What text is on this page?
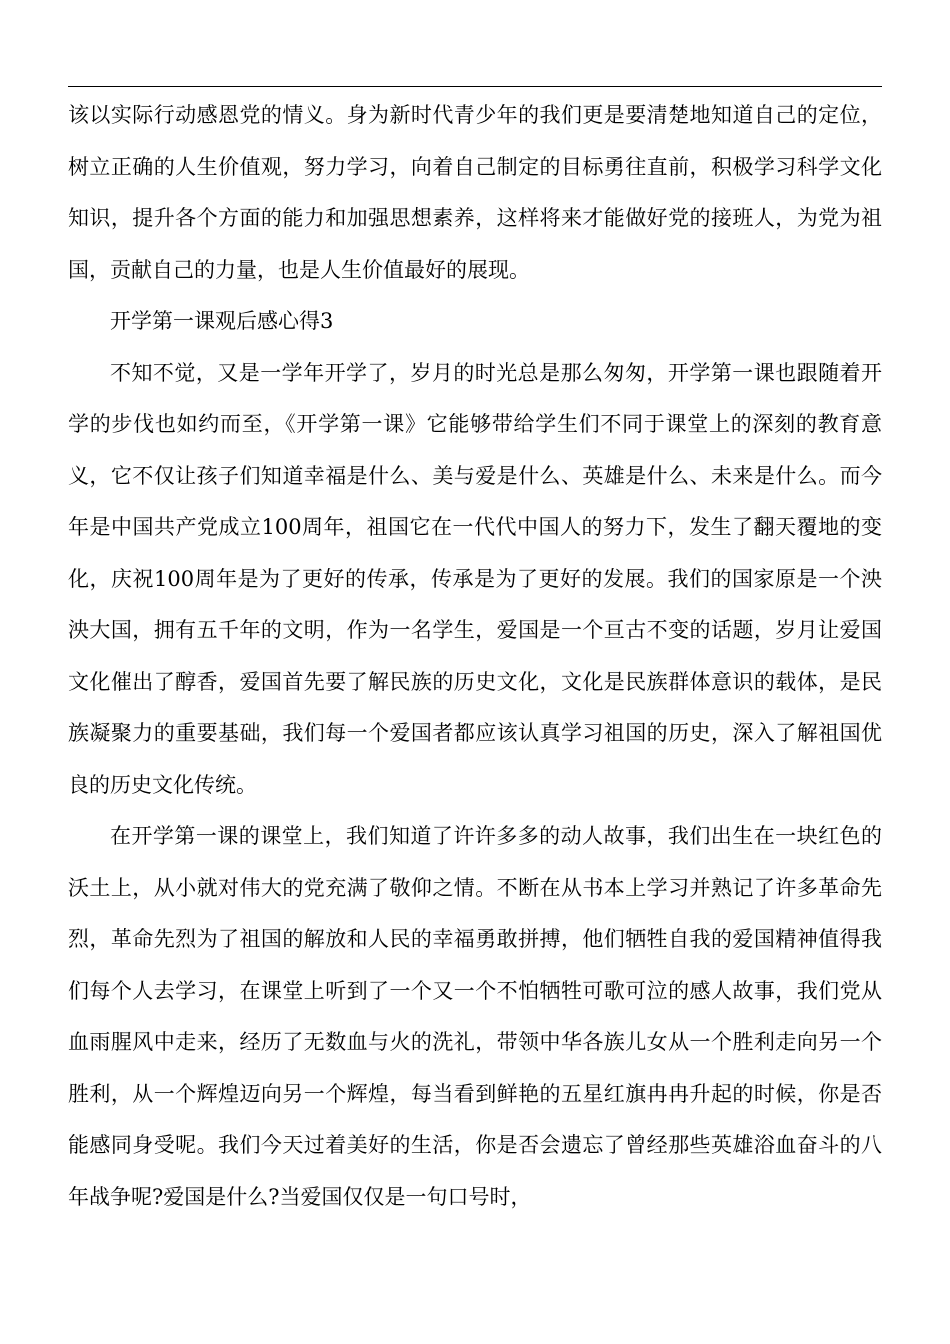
该以实际行动感恩党的情义。身为新时代青少年的我们更是要清楚地知道自己的定位，树立正确的人生价值观，努力学习，向着自己制定的目标勇往直前，积极学习科学文化知识，提升各个方面的能力和加强思想素养，这样将来才能做好党的接班人，为党为祖国，贡献自己的力量，也是人生价值最好的展现。

开学第一课观后感心得3

不知不觉，又是一学年开学了，岁月的时光总是那么匆匆，开学第一课也跟随着开学的步伐也如约而至，《开学第一课》它能够带给学生们不同于课堂上的深刻的教育意义，它不仅让孩子们知道幸福是什么、美与爱是什么、英雄是什么、未来是什么。而今年是中国共产党成立100周年，祖国它在一代代中国人的努力下，发生了翻天覆地的变化，庆祝100周年是为了更好的传承，传承是为了更好的发展。我们的国家原是一个泱泱大国，拥有五千年的文明，作为一名学生，爱国是一个亘古不变的话题，岁月让爱国文化催出了醇香，爱国首先要了解民族的历史文化，文化是民族群体意识的载体，是民族凝聚力的重要基础，我们每一个爱国者都应该认真学习祖国的历史，深入了解祖国优良的历史文化传统。

在开学第一课的课堂上，我们知道了许许多多的动人故事，我们出生在一块红色的沃土上，从小就对伟大的党充满了敬仰之情。不断在从书本上学习并熟记了许多革命先烈，革命先烈为了祖国的解放和人民的幸福勇敢拼搏，他们牺牲自我的爱国精神值得我们每个人去学习，在课堂上听到了一个又一个不怕牺牲可歌可泣的感人故事，我们党从血雨腥风中走来，经历了无数血与火的洗礼，带领中华各族儿女从一个胜利走向另一个胜利，从一个辉煌迈向另一个辉煌，每当看到鲜艳的五星红旗冉冉升起的时候，你是否能感同身受呢。我们今天过着美好的生活，你是否会遗忘了曾经那些英雄浴血奋斗的八年战争呢?爱国是什么?当爱国仅仅是一句口号时，
